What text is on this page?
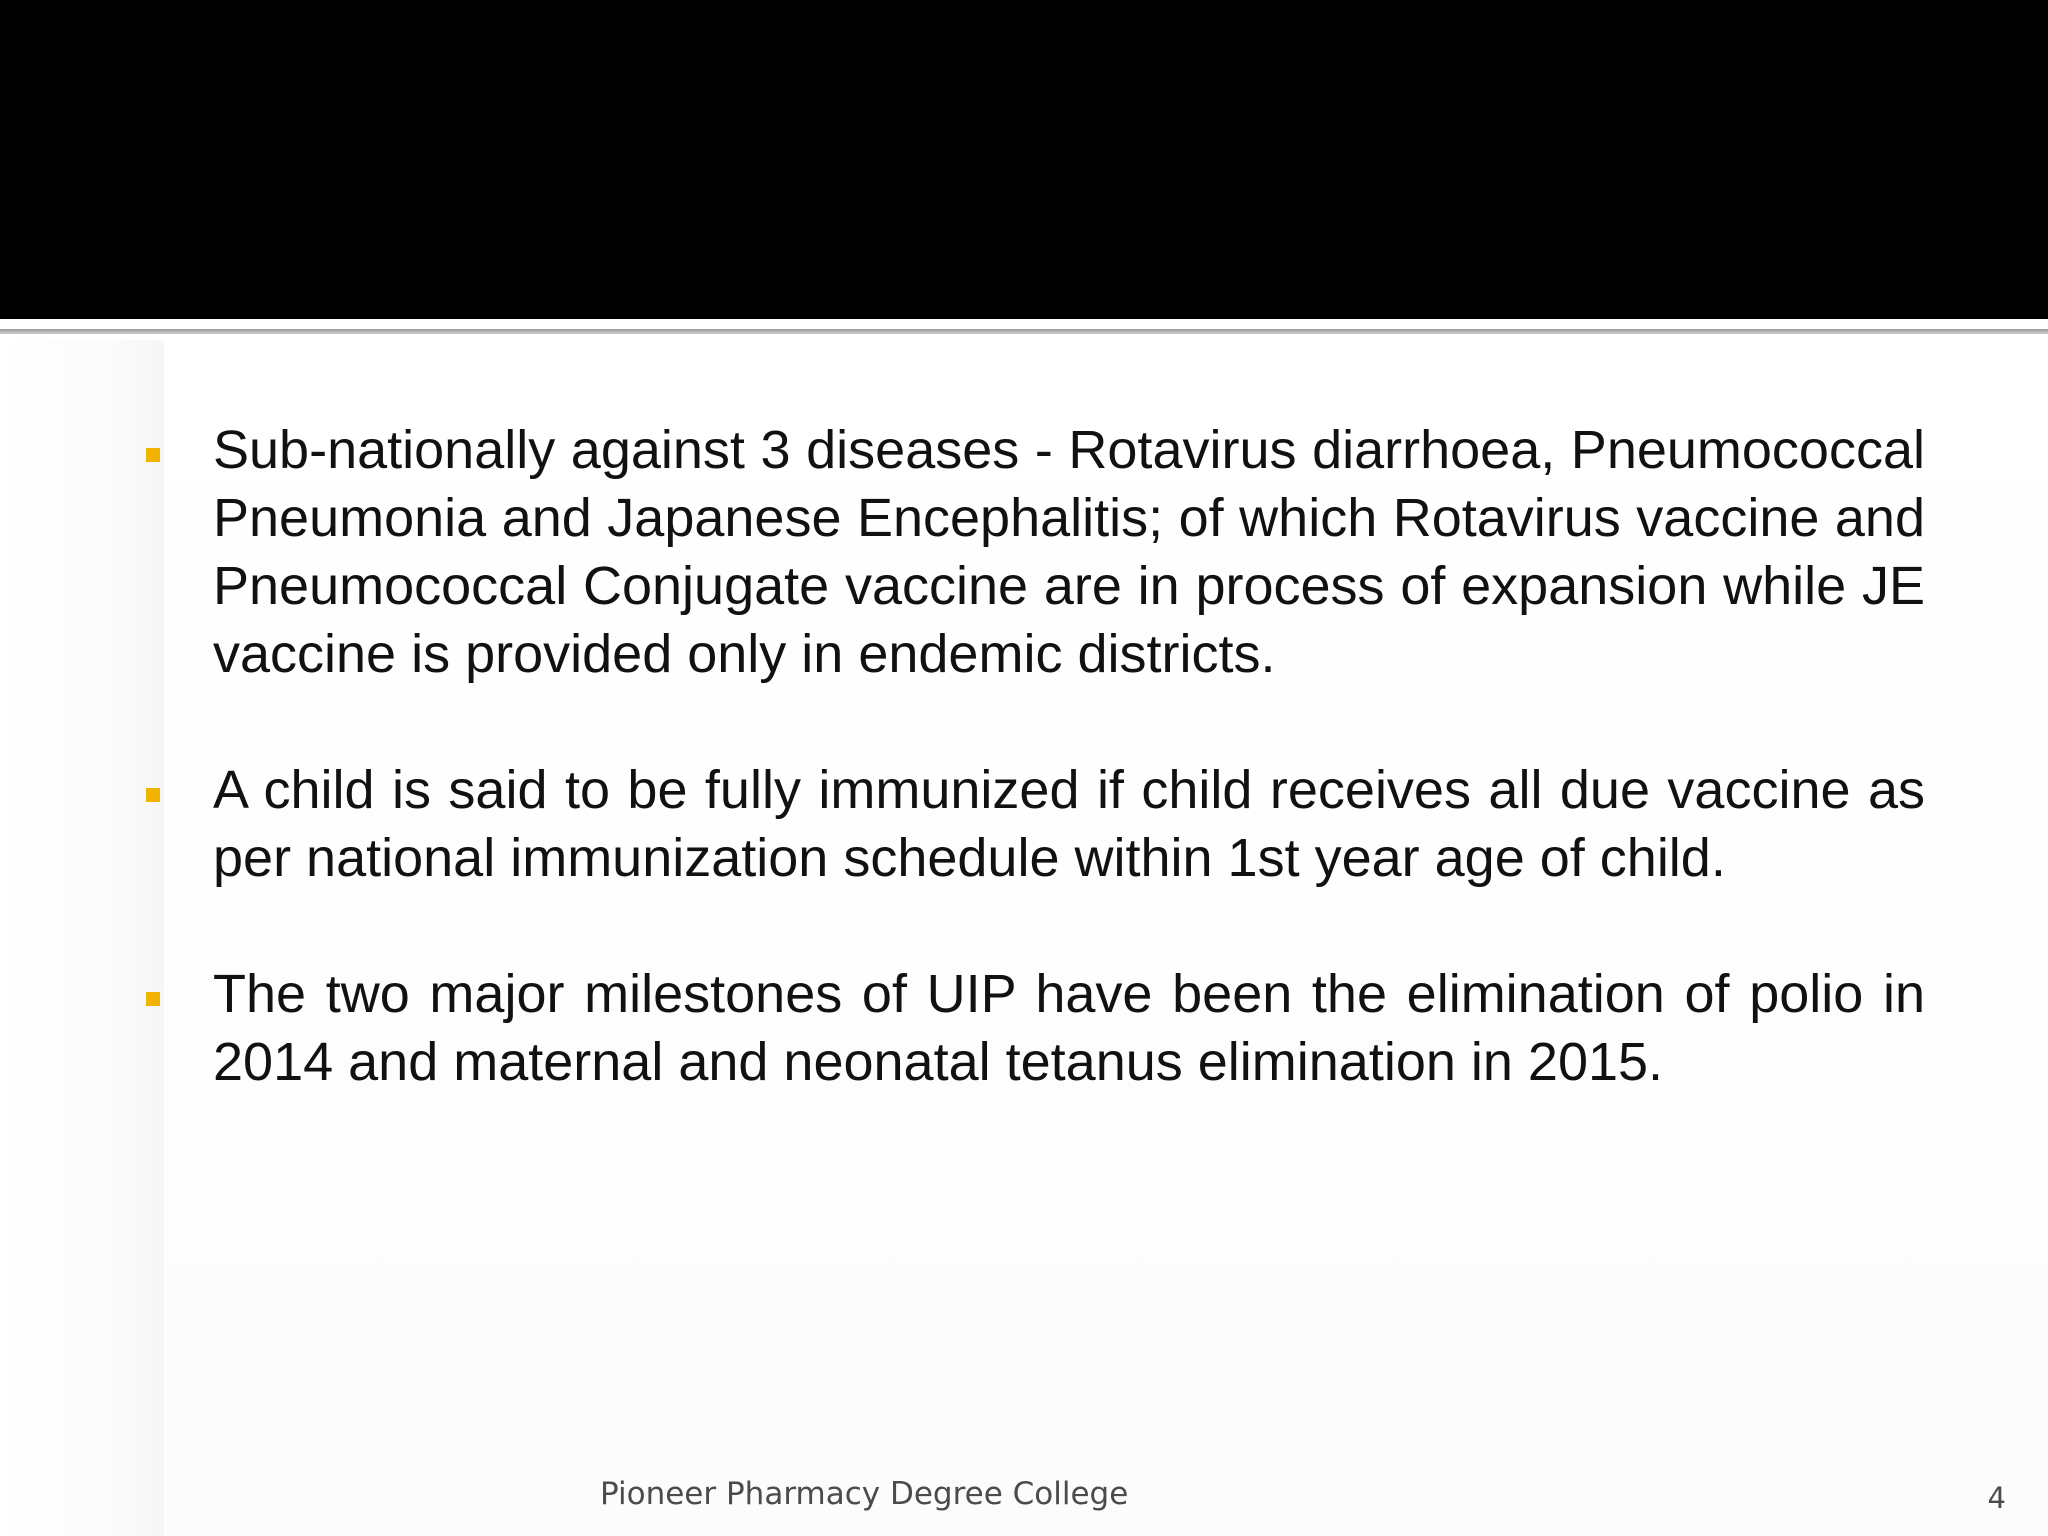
Sub-nationally against 3 diseases - Rotavirus diarrhoea, Pneumococcal Pneumonia and Japanese Encephalitis; of which Rotavirus vaccine and Pneumococcal Conjugate vaccine are in process of expansion while JE vaccine is provided only in endemic districts.

A child is said to be fully immunized if child receives all due vaccine as per national immunization schedule within 1st year age of child.

The two major milestones of UIP have been the elimination of polio in 2014 and maternal and neonatal tetanus elimination in 2015.

Pioneer Pharmacy Degree College	4
